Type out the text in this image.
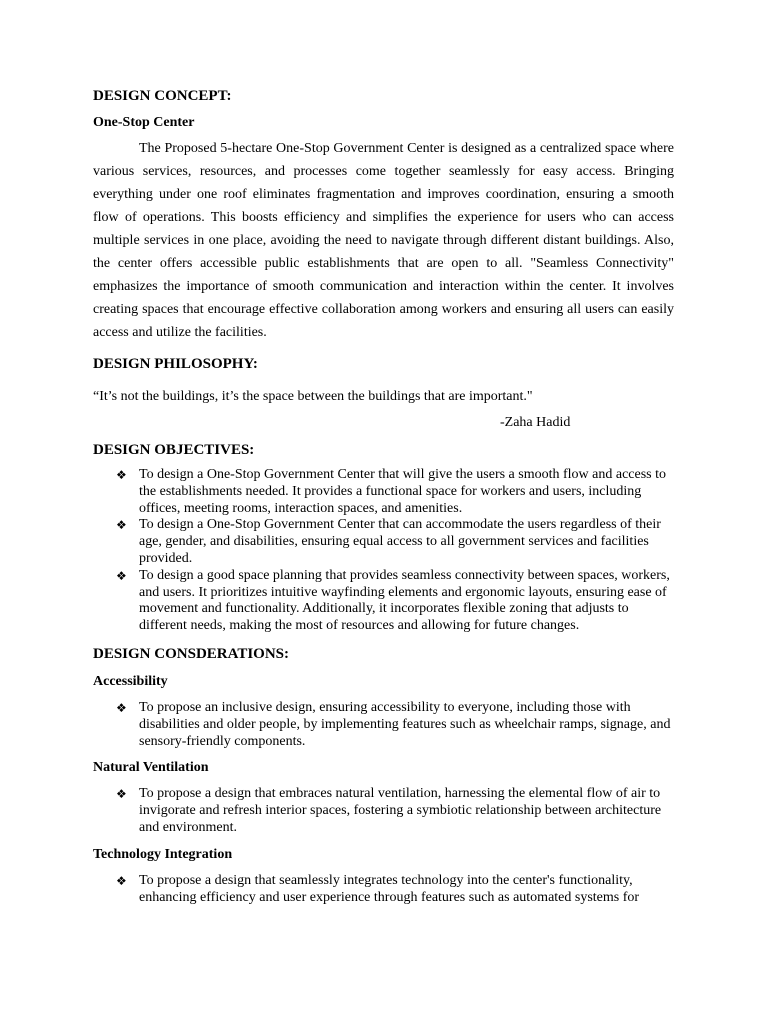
DESIGN CONCEPT:
One-Stop Center

The Proposed 5-hectare One-Stop Government Center is designed as a centralized space where various services, resources, and processes come together seamlessly for easy access. Bringing everything under one roof eliminates fragmentation and improves coordination, ensuring a smooth flow of operations. This boosts efficiency and simplifies the experience for users who can access multiple services in one place, avoiding the need to navigate through different distant buildings. Also, the center offers accessible public establishments that are open to all. "Seamless Connectivity" emphasizes the importance of smooth communication and interaction within the center. It involves creating spaces that encourage effective collaboration among workers and ensuring all users can easily access and utilize the facilities.

DESIGN PHILOSOPHY:

“It’s not the buildings, it’s the space between the buildings that are important."

-Zaha Hadid

DESIGN OBJECTIVES:
❖ To design a One-Stop Government Center that will give the users a smooth flow and access to the establishments needed. It provides a functional space for workers and users, including offices, meeting rooms, interaction spaces, and amenities.
❖ To design a One-Stop Government Center that can accommodate the users regardless of their age, gender, and disabilities, ensuring equal access to all government services and facilities provided.
❖ To design a good space planning that provides seamless connectivity between spaces, workers, and users. It prioritizes intuitive wayfinding elements and ergonomic layouts, ensuring ease of movement and functionality. Additionally, it incorporates flexible zoning that adjusts to different needs, making the most of resources and allowing for future changes.
DESIGN CONSDERATIONS:
Accessibility
❖ To propose an inclusive design, ensuring accessibility to everyone, including those with disabilities and older people, by implementing features such as wheelchair ramps, signage, and sensory-friendly components.
Natural Ventilation
❖ To propose a design that embraces natural ventilation, harnessing the elemental flow of air to invigorate and refresh interior spaces, fostering a symbiotic relationship between architecture and environment.
Technology Integration
❖ To propose a design that seamlessly integrates technology into the center's functionality, enhancing efficiency and user experience through features such as automated systems for
